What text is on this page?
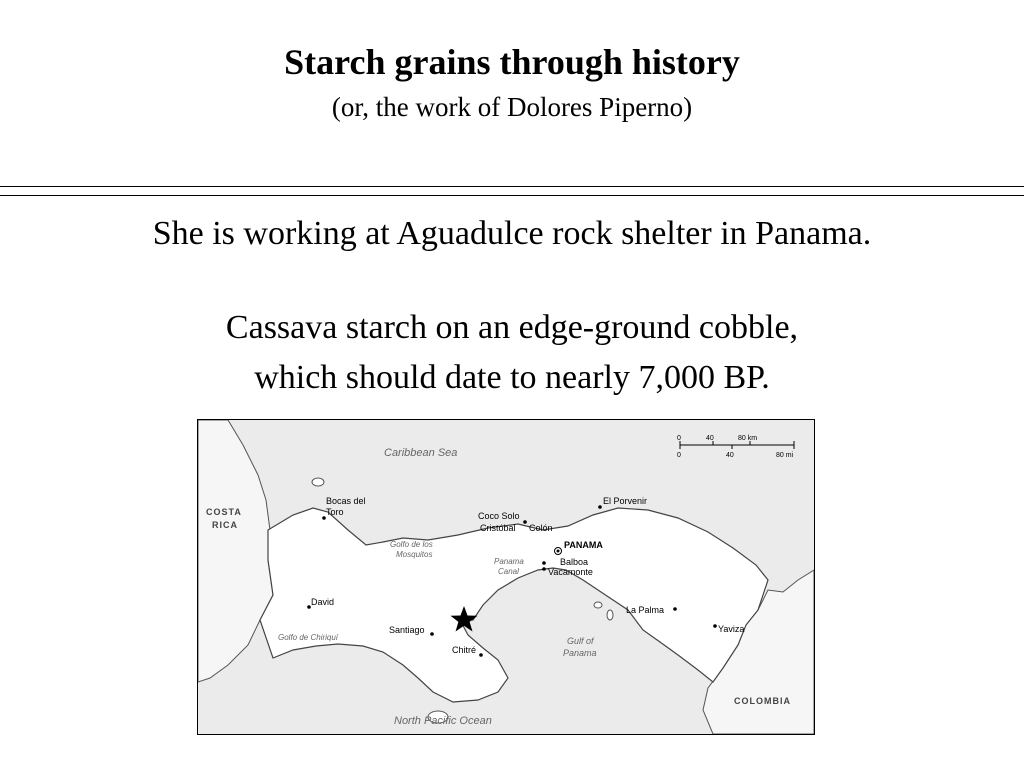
Starch grains through history
(or, the work of Dolores Piperno)
She is working at Aguadulce rock shelter in Panama.
Cassava starch on an edge-ground cobble,
which should date to nearly 7,000 BP.
0	40	80 km
0	40	80 mi
Caribbean Sea
Golfo de los
Mosquitos
Panama
Canal
Golfo de Chiriquí	Gulf of
Panama
North Pacific Ocean
COSTA
RICA
COLOMBIA
Bocas del
Toro	Coco Solo
Cristóbal Colón
El Porvenir
PANAMA
Balboa
Vacamonte
David
Santiago
Chitré
La Palma
Yaviza
